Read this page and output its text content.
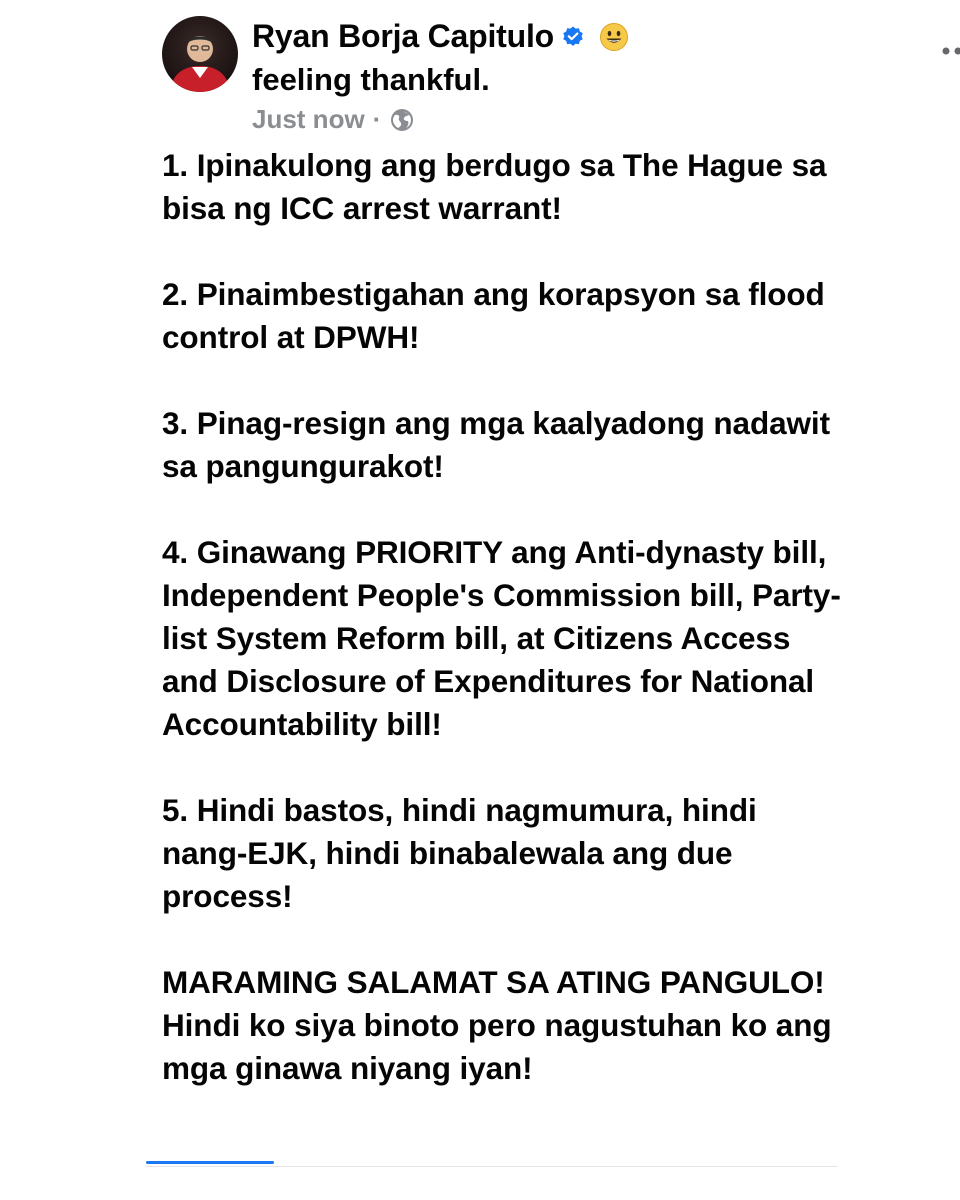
Ryan Borja Capitulo
feeling thankful.
Just now ·

1. Ipinakulong ang berdugo sa The Hague sa bisa ng ICC arrest warrant!

2. Pinaimbestigahan ang korapsyon sa flood control at DPWH!

3. Pinag-resign ang mga kaalyadong nadawit sa pangungurakot!

4. Ginawang PRIORITY ang Anti-dynasty bill, Independent People's Commission bill, Party-list System Reform bill, at Citizens Access and Disclosure of Expenditures for National Accountability bill!

5. Hindi bastos, hindi nagmumura, hindi nang-EJK, hindi binabalewala ang due process!

MARAMING SALAMAT SA ATING PANGULO! Hindi ko siya binoto pero nagustuhan ko ang mga ginawa niyang iyan!
